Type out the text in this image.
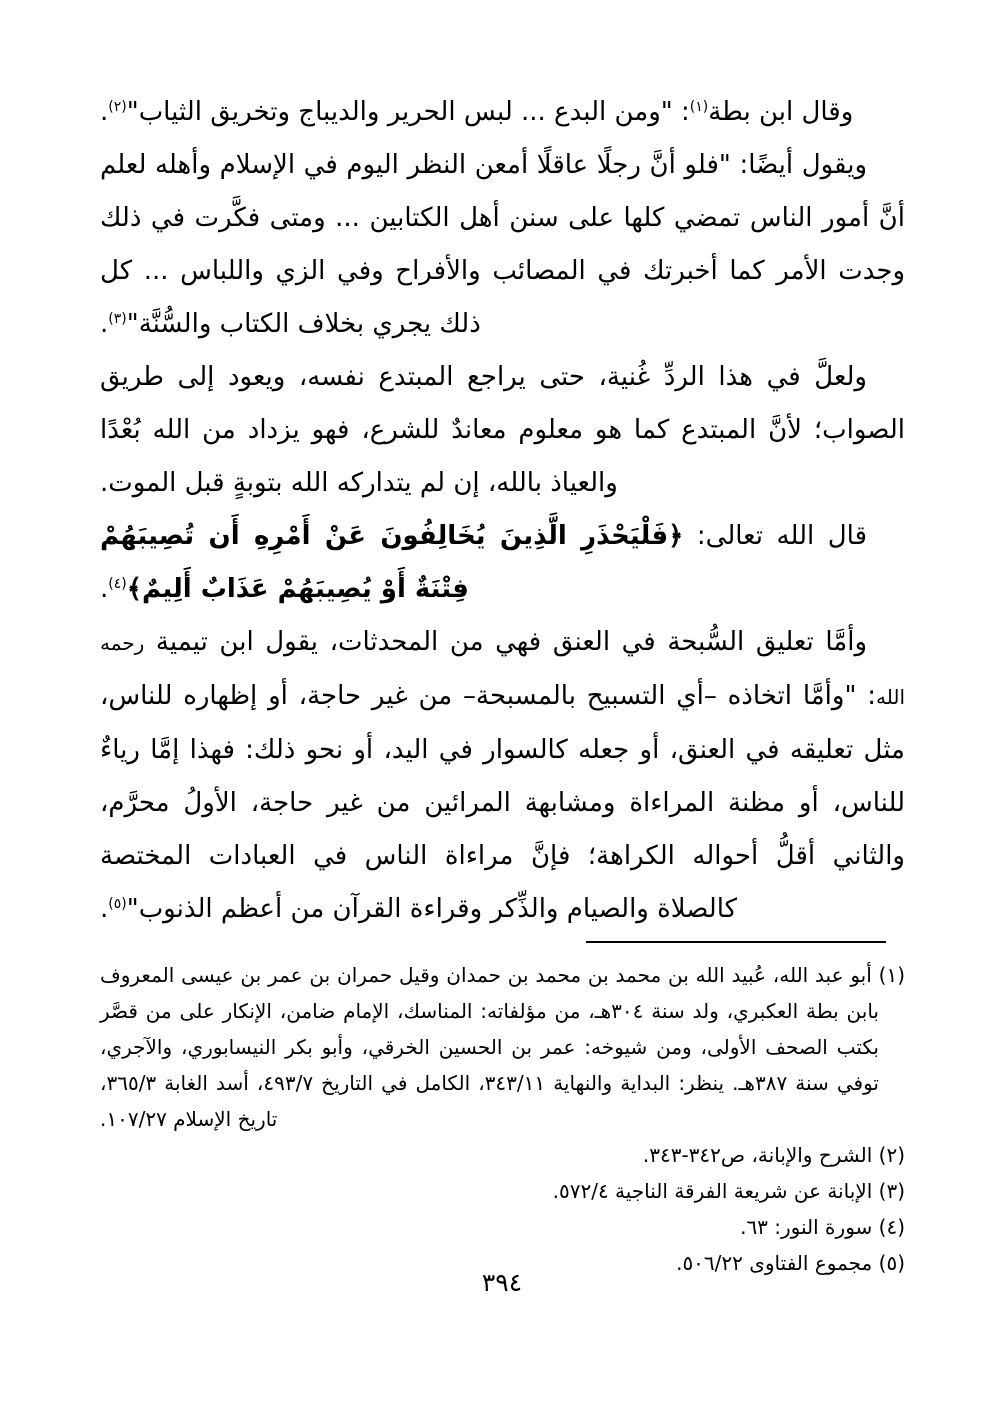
وقال ابن بطة$^{(١)}$: "ومن البدع ... لبس الحرير والديباج وتخريق الثياب"$^{(٢)}$.

ويقول أيضًا: "فلو أنَّ رجلًا عاقلًا أمعن النظر اليوم في الإسلام وأهله لعلم أنَّ أمور الناس تمضي كلها على سنن أهل الكتابين ... ومتى فكَّرت في ذلك وجدت الأمر كما أخبرتك في المصائب والأفراح وفي الزي واللباس ... كل ذلك يجري بخلاف الكتاب والسُّنَّة"$^{(٣)}$.

ولعلَّ في هذا الردِّ غُنية، حتى يراجع المبتدع نفسه، ويعود إلى طريق الصواب؛ لأنَّ المبتدع كما هو معلوم معاندٌ للشرع، فهو يزداد من الله بُعْدًا والعياذ بالله، إن لم يتداركه الله بتوبةٍ قبل الموت.

قال الله تعالى: ﴿فَلْيَحْذَرِ الَّذِينَ يُخَالِفُونَ عَنْ أَمْرِهِ أَن تُصِيبَهُمْ فِتْنَةٌ أَوْ يُصِيبَهُمْ عَذَابٌ أَلِيمٌ﴾$^{(٤)}$.

وأمَّا تعليق السُّبحة في العنق فهي من المحدثات، يقول ابن تيمية رحمه الله: "وأمَّا اتخاذه –أي التسبيح بالمسبحة– من غير حاجة، أو إظهاره للناس، مثل تعليقه في العنق، أو جعله كالسوار في اليد، أو نحو ذلك: فهذا إمَّا رياءٌ للناس، أو مظنة المراءاة ومشابهة المرائين من غير حاجة، الأولُ محرَّم، والثاني أقلُّ أحواله الكراهة؛ فإنَّ مراءاة الناس في العبادات المختصة كالصلاة والصيام والذِّكر وقراءة القرآن من أعظم الذنوب"$^{(٥)}$.

(١) أبو عبد الله، عُبيد الله بن محمد بن محمد بن حمدان وقيل حمران بن عمر بن عيسى المعروف بابن بطة العكبري، ولد سنة ٣٠٤هـ، من مؤلفاته: المناسك، الإمام ضامن، الإنكار على من قصَّر بكتب الصحف الأولى، ومن شيوخه: عمر بن الحسين الخرقي، وأبو بكر النيسابوري، والآجري، توفي سنة ٣٨٧هـ. ينظر: البداية والنهاية ٣٤٣/١١، الكامل في التاريخ ٤٩٣/٧، أسد الغابة ٣٦٥/٣، تاريخ الإسلام ١٠٧/٢٧.

(٢) الشرح والإبانة، ص٣٤٢-٣٤٣.

(٣) الإبانة عن شريعة الفرقة الناجية ٥٧٢/٤.

(٤) سورة النور: ٦٣.

(٥) مجموع الفتاوى ٥٠٦/٢٢.

٣٩٤
